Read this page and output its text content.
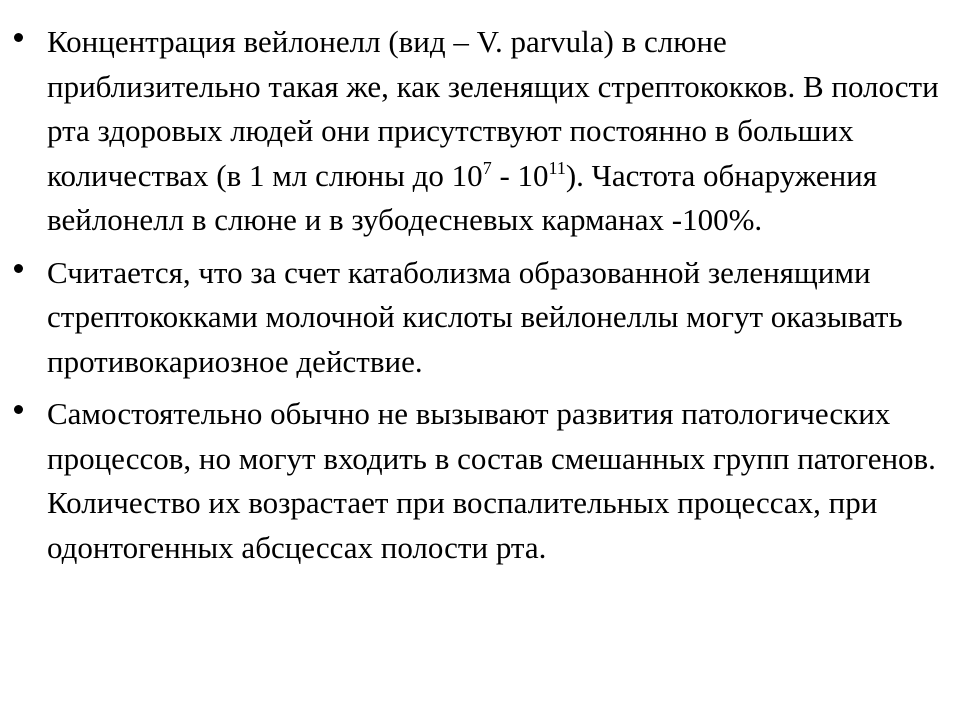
Концентрация вейлонелл (вид – V. parvula) в слюне приблизительно такая же, как зеленящих стрептококков. В полости рта здоровых людей они присутствуют постоянно в больших количествах (в 1 мл слюны до $10^7 - 10^{11}$). Частота обнаружения вейлонелл в слюне и в зубодесневых карманах -100%.
Считается, что за счет катаболизма образованной зеленящими стрептококками молочной кислоты вейлонеллы могут оказывать противокариозное действие.
Самостоятельно обычно не вызывают развития патологических процессов, но могут входить в состав смешанных групп патогенов. Количество их возрастает при воспалительных процессах, при одонтогенных абсцессах полости рта.
